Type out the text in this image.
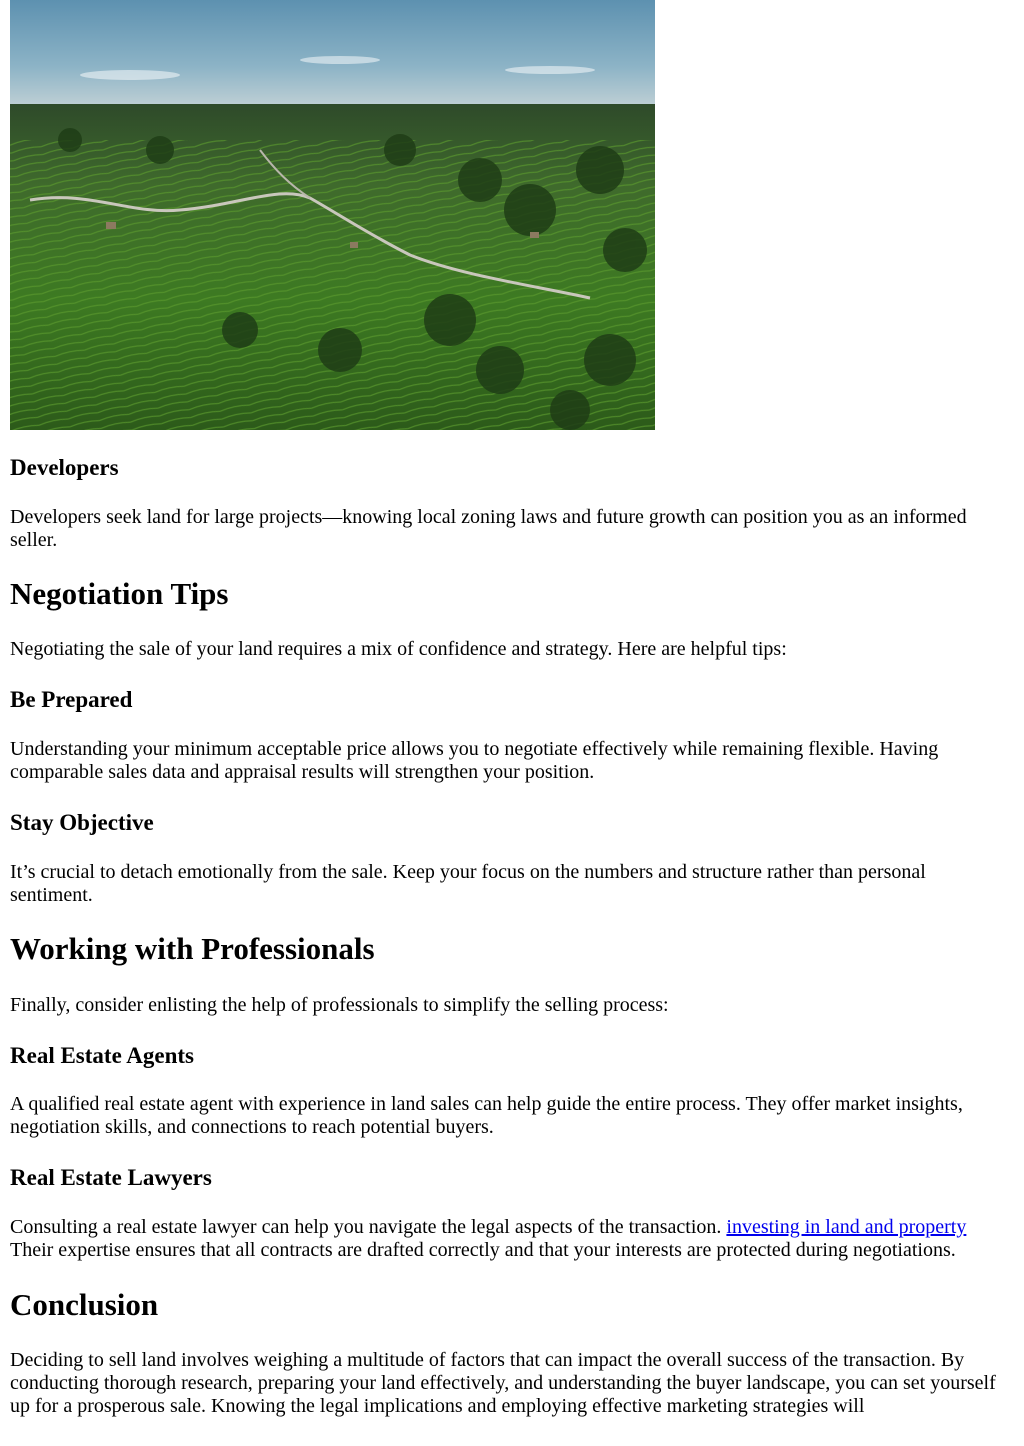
Developers

Developers seek land for large projects—knowing local zoning laws and future growth can position you as an informed seller.

Negotiation Tips

Negotiating the sale of your land requires a mix of confidence and strategy. Here are helpful tips:

Be Prepared

Understanding your minimum acceptable price allows you to negotiate effectively while remaining flexible. Having comparable sales data and appraisal results will strengthen your position.

Stay Objective

It’s crucial to detach emotionally from the sale. Keep your focus on the numbers and structure rather than personal sentiment.

Working with Professionals

Finally, consider enlisting the help of professionals to simplify the selling process:

Real Estate Agents

A qualified real estate agent with experience in land sales can help guide the entire process. They offer market insights, negotiation skills, and connections to reach potential buyers.

Real Estate Lawyers

Consulting a real estate lawyer can help you navigate the legal aspects of the transaction. investing in land and property Their expertise ensures that all contracts are drafted correctly and that your interests are protected during negotiations.

Conclusion

Deciding to sell land involves weighing a multitude of factors that can impact the overall success of the transaction. By conducting thorough research, preparing your land effectively, and understanding the buyer landscape, you can set yourself up for a prosperous sale. Knowing the legal implications and employing effective marketing strategies will
